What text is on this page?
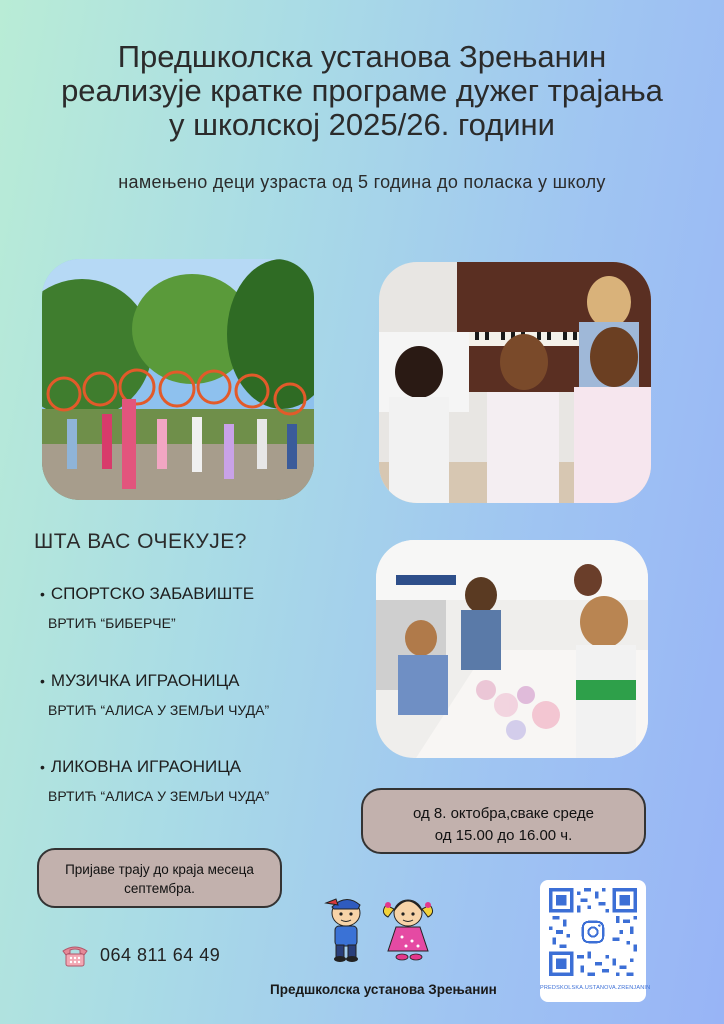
Предшколска установа Зрењанин
реализује кратке програме дужег трајања
у школској 2025/26. години
намењено деци узраста од 5 година до поласка у школу
ШТА ВАС ОЧЕКУЈЕ?
• СПОРТСКО ЗАБАВИШТЕ
ВРТИЋ “БИБЕРЧЕ”
• МУЗИЧКА ИГРАОНИЦА
ВРТИЋ “АЛИСА У ЗЕМЉИ ЧУДА”
• ЛИКОВНА ИГРАОНИЦА
ВРТИЋ “АЛИСА У ЗЕМЉИ ЧУДА”
од 8. октобра,сваке среде
од 15.00 до 16.00 ч.
Пријаве трају до краја месеца
септембра.
064 811 64 49
Предшколска установа Зрењанин	PREDSKOLSKA.USTANOVA.ZRENJANIN
